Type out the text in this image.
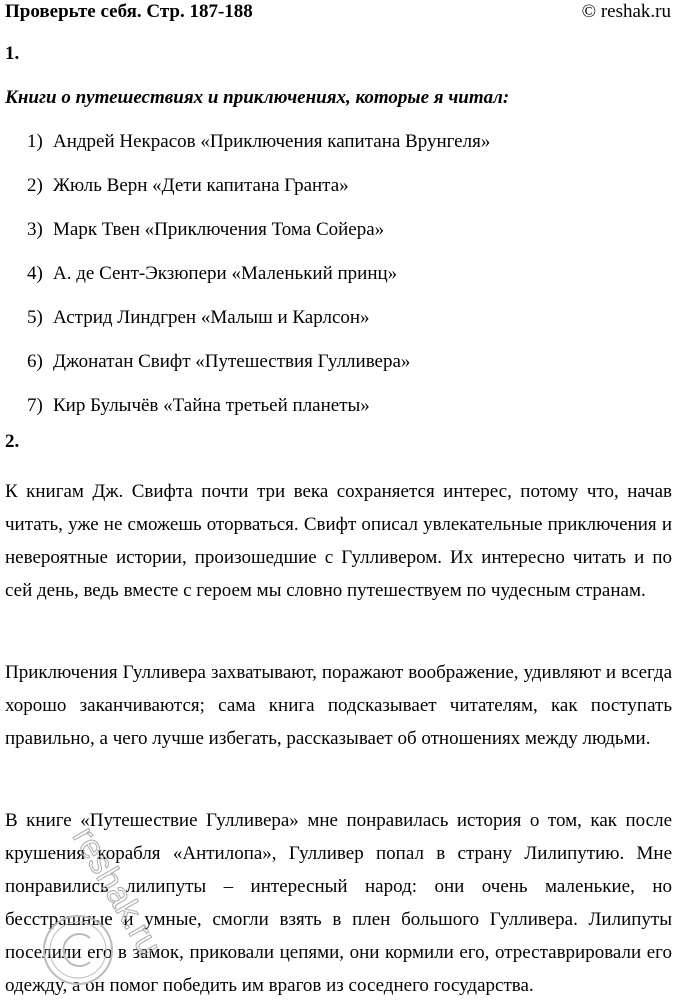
Проверьте себя. Стр. 187-188	© reshak.ru
1.
Книги о путешествиях и приключениях, которые я читал:
1) Андрей Некрасов «Приключения капитана Врунгеля»
2) Жюль Верн «Дети капитана Гранта»
3) Марк Твен «Приключения Тома Сойера»
4) А. де Сент-Экзюпери «Маленький принц»
5) Астрид Линдгрен «Малыш и Карлсон»
6) Джонатан Свифт «Путешествия Гулливера»
7) Кир Булычёв «Тайна третьей планеты»
2.
К книгам Дж. Свифта почти три века сохраняется интерес, потому что, начав читать, уже не сможешь оторваться. Свифт описал увлекательные приключения и невероятные истории, произошедшие с Гулливером. Их интересно читать и по сей день, ведь вместе с героем мы словно путешествуем по чудесным странам.
Приключения Гулливера захватывают, поражают воображение, удивляют и всегда хорошо заканчиваются; сама книга подсказывает читателям, как поступать правильно, а чего лучше избегать, рассказывает об отношениях между людьми.
В книге «Путешествие Гулливера» мне понравилась история о том, как после крушения корабля «Антилопа», Гулливер попал в страну Лилипутию. Мне понравились лилипуты – интересный народ: они очень маленькие, но бесстрашные и умные, смогли взять в плен большого Гулливера. Лилипуты поселили его в замок, приковали цепями, они кормили его, отреставрировали его одежду, а он помог победить им врагов из соседнего государства.
reshak.ru
